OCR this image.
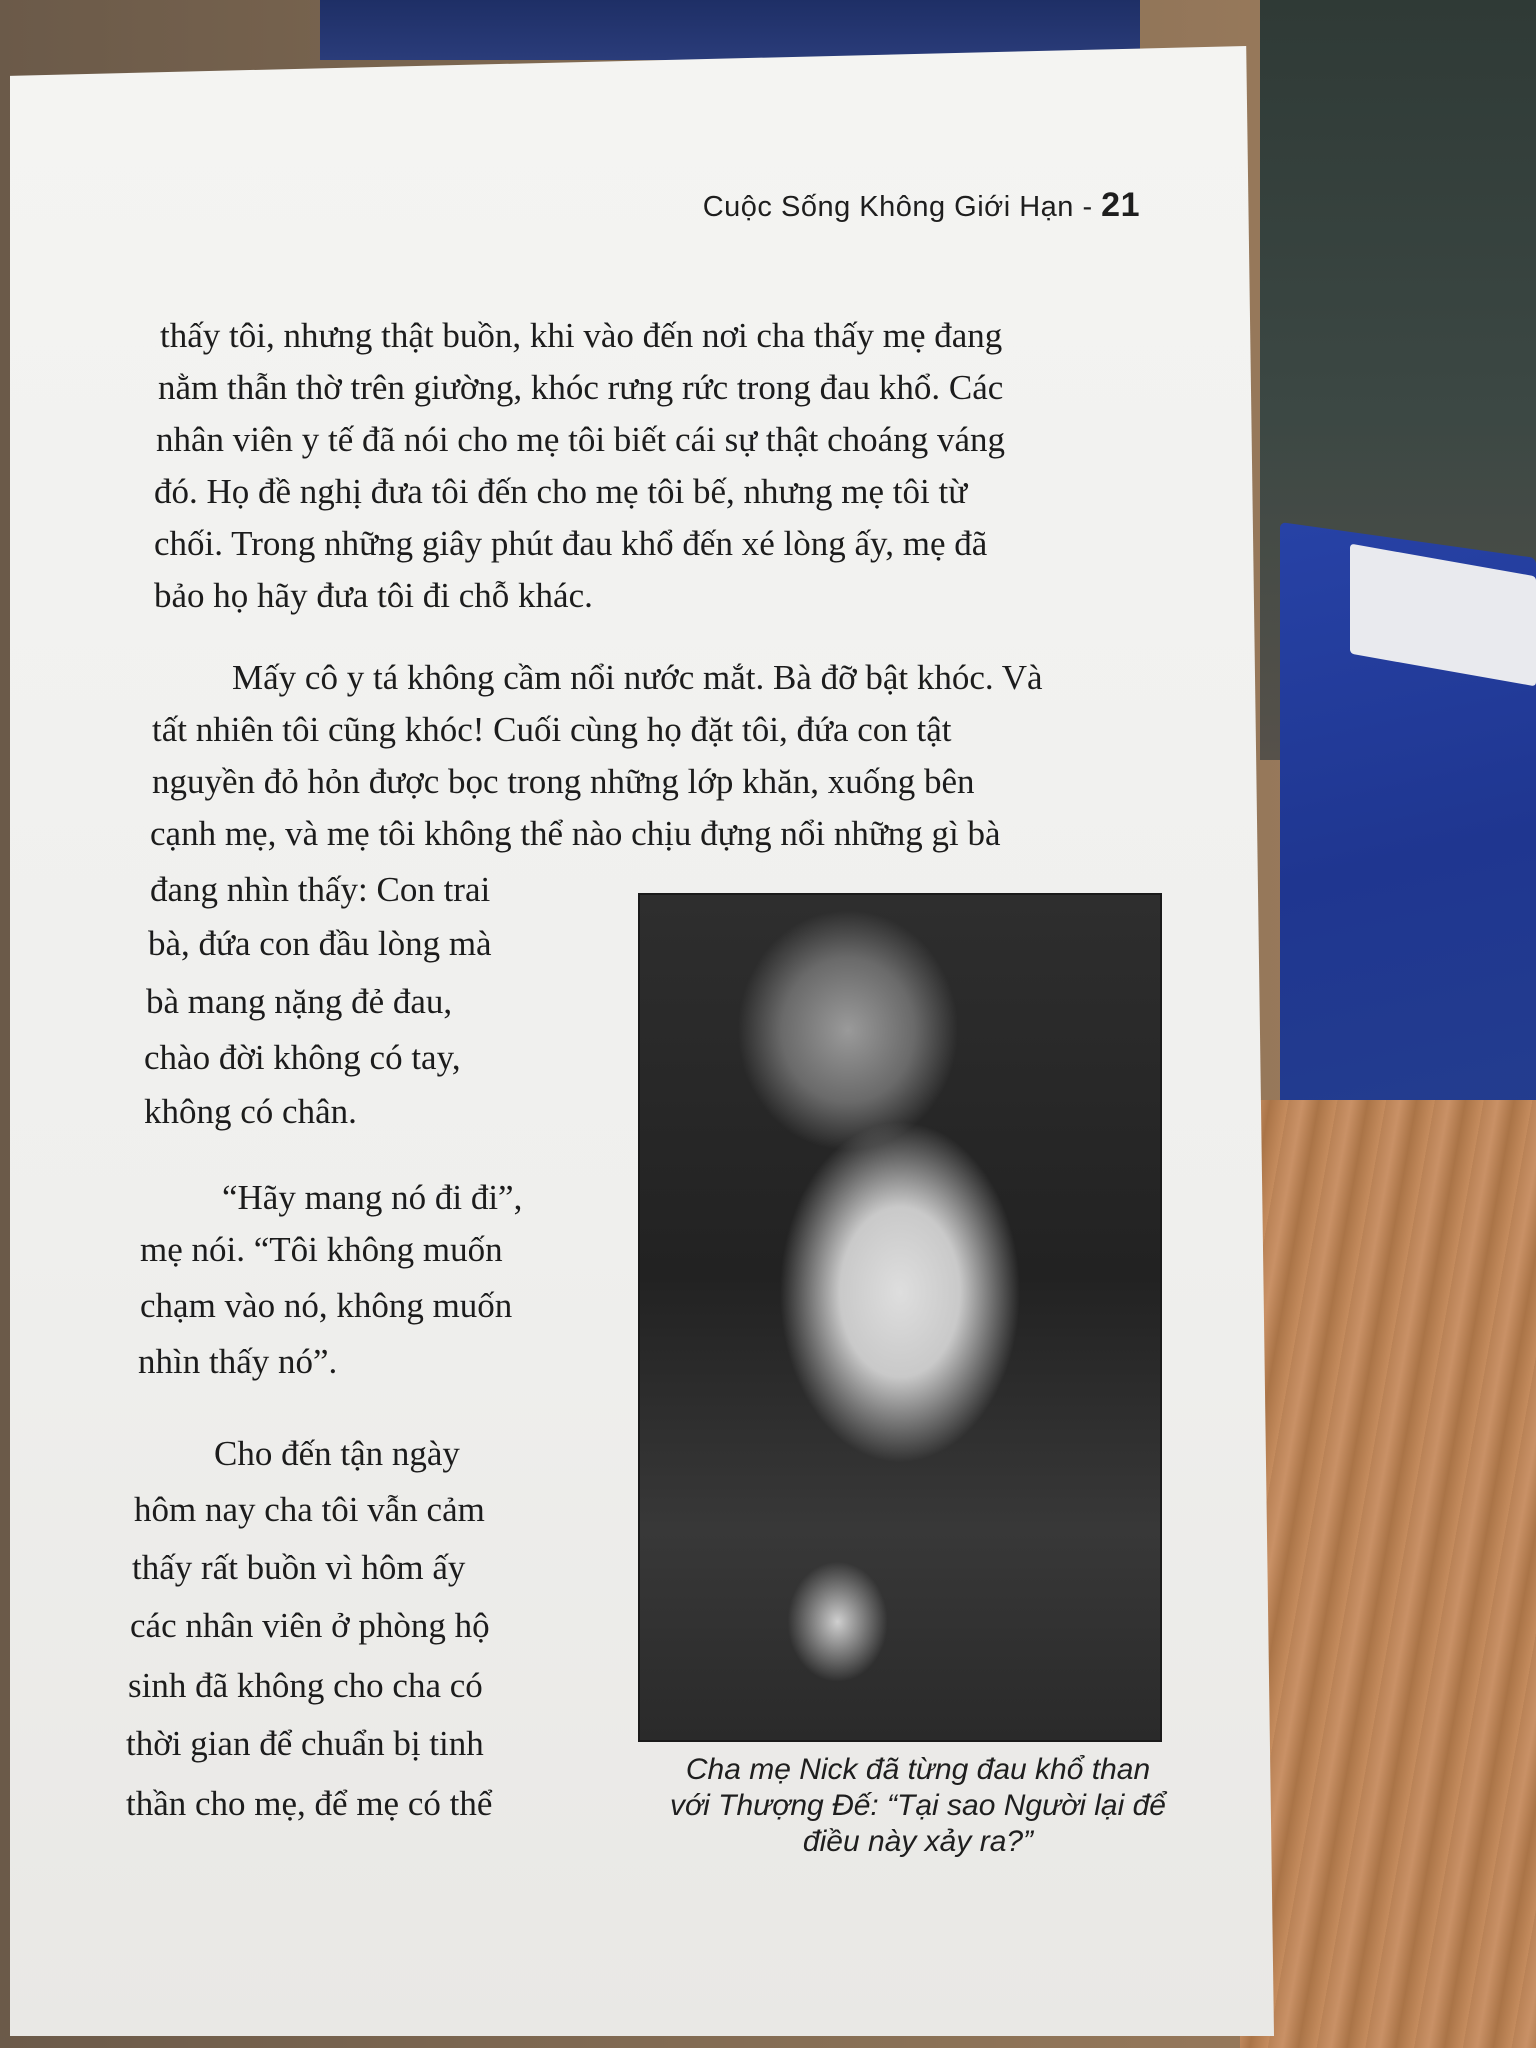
Cuộc Sống Không Giới Hạn - 21
thấy tôi, nhưng thật buồn, khi vào đến nơi cha thấy mẹ đang
nằm thẫn thờ trên giường, khóc rưng rức trong đau khổ. Các
nhân viên y tế đã nói cho mẹ tôi biết cái sự thật choáng váng
đó. Họ đề nghị đưa tôi đến cho mẹ tôi bế, nhưng mẹ tôi từ
chối. Trong những giây phút đau khổ đến xé lòng ấy, mẹ đã
bảo họ hãy đưa tôi đi chỗ khác.
Mấy cô y tá không cầm nổi nước mắt. Bà đỡ bật khóc. Và
tất nhiên tôi cũng khóc! Cuối cùng họ đặt tôi, đứa con tật
nguyền đỏ hỏn được bọc trong những lớp khăn, xuống bên
cạnh mẹ, và mẹ tôi không thể nào chịu đựng nổi những gì bà
đang nhìn thấy: Con trai
bà, đứa con đầu lòng mà
bà mang nặng đẻ đau,
chào đời không có tay,
không có chân.
“Hãy mang nó đi đi”,
mẹ nói. “Tôi không muốn
chạm vào nó, không muốn
nhìn thấy nó”.
Cho đến tận ngày
hôm nay cha tôi vẫn cảm
thấy rất buồn vì hôm ấy
các nhân viên ở phòng hộ
sinh đã không cho cha có
thời gian để chuẩn bị tinh
thần cho mẹ, để mẹ có thể
Cha mẹ Nick đã từng đau khổ than
với Thượng Đế: “Tại sao Người lại để
điều này xảy ra?”
